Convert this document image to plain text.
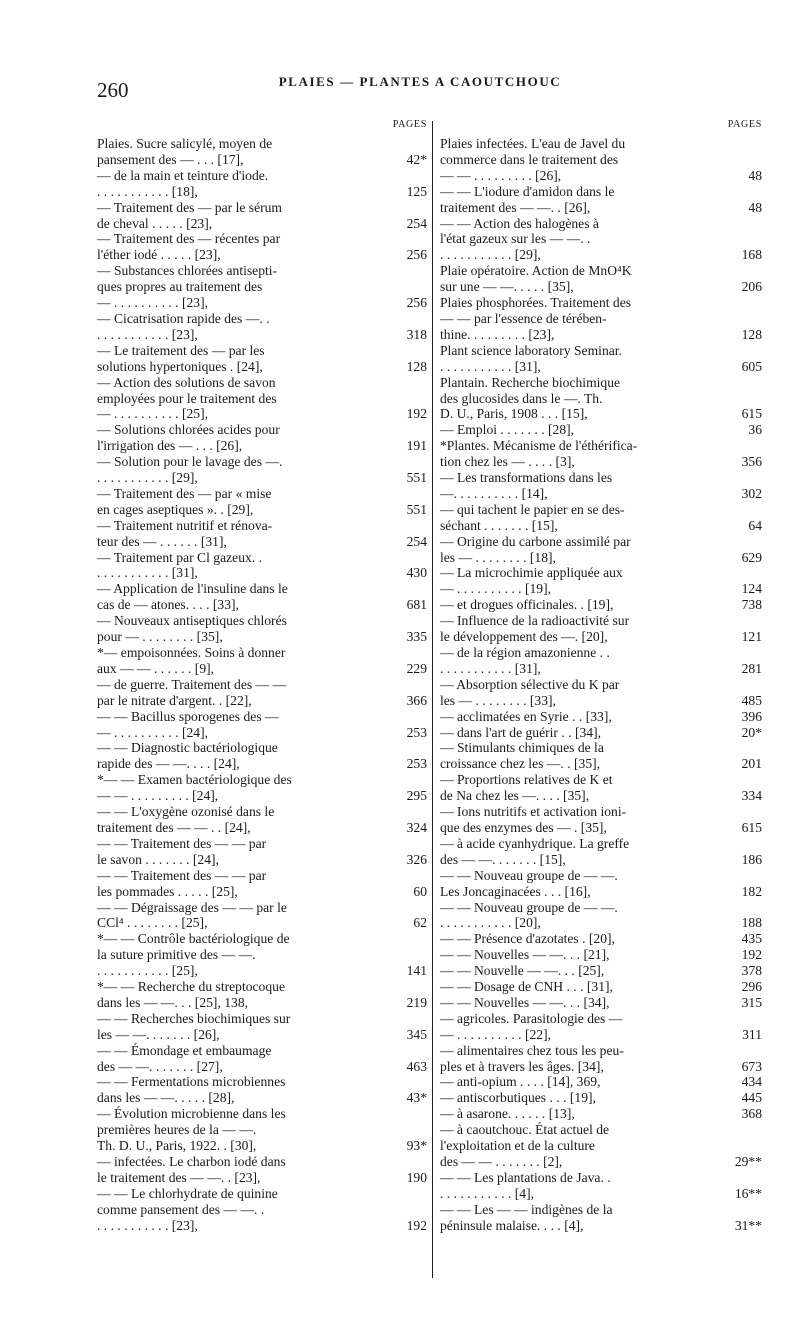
260	PLAIES — PLANTES A CAOUTCHOUC
PAGES
Plaies. Sucre salicylé, moyen de
pansement des — . . . [17],	42*
— de la main et teinture d'iode.
. . . . . . . . . . . [18],	125
— Traitement des — par le sérum
de cheval . . . . . [23],	254
— Traitement des — récentes par
l'éther iodé . . . . . [23],	256
— Substances chlorées antisepti-
ques propres au traitement des
— . . . . . . . . . . [23],	256
— Cicatrisation rapide des —. .
. . . . . . . . . . . [23],	318
— Le traitement des — par les
solutions hypertoniques . [24],	128
— Action des solutions de savon
employées pour le traitement des
— . . . . . . . . . . [25],	192
— Solutions chlorées acides pour
l'irrigation des — . . . [26],	191
— Solution pour le lavage des —.
. . . . . . . . . . . [29],	551
— Traitement des — par « mise
en cages aseptiques ». . [29],	551
— Traitement nutritif et rénova-
teur des — . . . . . . [31],	254
— Traitement par Cl gazeux. .
. . . . . . . . . . . [31],	430
— Application de l'insuline dans le
cas de — atones. . . . [33],	681
— Nouveaux antiseptiques chlorés
pour — . . . . . . . . [35],	335
*— empoisonnées. Soins à donner
aux — — . . . . . . [9],	229
— de guerre. Traitement des — —
par le nitrate d'argent. . [22],	366
— — Bacillus sporogenes des —
— . . . . . . . . . . [24],	253
— — Diagnostic bactériologique
rapide des — —. . . . [24],	253
*— — Examen bactériologique des
— — . . . . . . . . . [24],	295
— — L'oxygène ozonisé dans le
traitement des — — . . [24],	324
— — Traitement des — — par
le savon . . . . . . . [24],	326
— — Traitement des — — par
les pommades . . . . . [25],	60
— — Dégraissage des — — par le
CCl⁴ . . . . . . . . [25],	62
*— — Contrôle bactériologique de
la suture primitive des — —.
. . . . . . . . . . . [25],	141
*— — Recherche du streptocoque
dans les — —. . . [25], 138,	219
— — Recherches biochimiques sur
les — —. . . . . . . [26],	345
— — Émondage et embaumage
des — —. . . . . . . [27],	463
— — Fermentations microbiennes
dans les — —. . . . . [28],	43*
— Évolution microbienne dans les
premières heures de la — —.
Th. D. U., Paris, 1922. . [30],	93*
— infectées. Le charbon iodé dans
le traitement des — —. . [23],	190
— — Le chlorhydrate de quinine
comme pansement des — —. .
. . . . . . . . . . . [23],	192
PAGES
Plaies infectées. L'eau de Javel du
commerce dans le traitement des
— — . . . . . . . . . [26],	48
— — L'iodure d'amidon dans le
traitement des — —. . [26],	48
— — Action des halogènes à
l'état gazeux sur les — —. .
. . . . . . . . . . . [29],	168
Plaie opératoire. Action de MnO⁴K
sur une — —. . . . . [35],	206
Plaies phosphorées. Traitement des
— — par l'essence de térében-
thine. . . . . . . . . [23],	128
Plant science laboratory Seminar.
. . . . . . . . . . . [31],	605
Plantain. Recherche biochimique
des glucosides dans le —. Th.
D. U., Paris, 1908 . . . [15],	615
— Emploi . . . . . . . [28],	36
*Plantes. Mécanisme de l'éthérifica-
tion chez les — . . . . [3],	356
— Les transformations dans les
—. . . . . . . . . . [14],	302
— qui tachent le papier en se des-
séchant . . . . . . . [15],	64
— Origine du carbone assimilé par
les — . . . . . . . . [18],	629
— La microchimie appliquée aux
— . . . . . . . . . . [19],	124
— et drogues officinales. . [19],	738
— Influence de la radioactivité sur
le développement des —. [20],	121
— de la région amazonienne . .
. . . . . . . . . . . [31],	281
— Absorption sélective du K par
les — . . . . . . . . [33],	485
— acclimatées en Syrie . . [33],	396
— dans l'art de guérir . . [34],	20*
— Stimulants chimiques de la
croissance chez les —. . [35],	201
— Proportions relatives de K et
de Na chez les —. . . . [35],	334
— Ions nutritifs et activation ioni-
que des enzymes des — . [35],	615
— à acide cyanhydrique. La greffe
des — —. . . . . . . [15],	186
— — Nouveau groupe de — —.
Les Joncaginacées . . . [16],	182
— — Nouveau groupe de — —.
. . . . . . . . . . . [20],	188
— — Présence d'azotates . [20],	435
— — Nouvelles — —. . . [21],	192
— — Nouvelle — —. . . [25],	378
— — Dosage de CNH . . . [31],	296
— — Nouvelles — —. . . [34],	315
— agricoles. Parasitologie des —
— . . . . . . . . . . [22],	311
— alimentaires chez tous les peu-
ples et à travers les âges. [34],	673
— anti-opium . . . . [14], 369,	434
— antiscorbutiques . . . [19],	445
— à asarone. . . . . . [13],	368
— à caoutchouc. État actuel de
l'exploitation et de la culture
des — — . . . . . . . [2],	29**
— — Les plantations de Java. .
. . . . . . . . . . . [4],	16**
— — Les — — indigènes de la
péninsule malaise. . . . [4],	31**
